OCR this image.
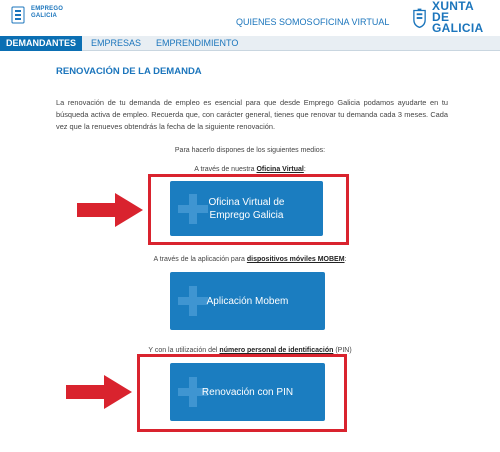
EMPREGO
GALICIA
QUIENES SOMOS OFICINA VIRTUAL
XUNTA
DE GALICIA
DEMANDANTES	EMPRESAS EMPRENDIMIENTO
RENOVACIÓN DE LA DEMANDA

La renovación de tu demanda de empleo es esencial para que desde Emprego Galicia podamos ayudarte en tu búsqueda activa de empleo. Recuerda que, con carácter general, tienes que renovar tu demanda cada 3 meses. Cada vez que la renueves obtendrás la fecha de la siguiente renovación.

Para hacerlo dispones de los siguientes medios:
A través de nuestra Oficina Virtual:
Oficina Virtual de
Emprego Galicia
A través de la aplicación para dispositivos móviles MOBEM:
Aplicación Mobem
Y con la utilización del número personal de identificación (PIN)
Renovación con PIN
